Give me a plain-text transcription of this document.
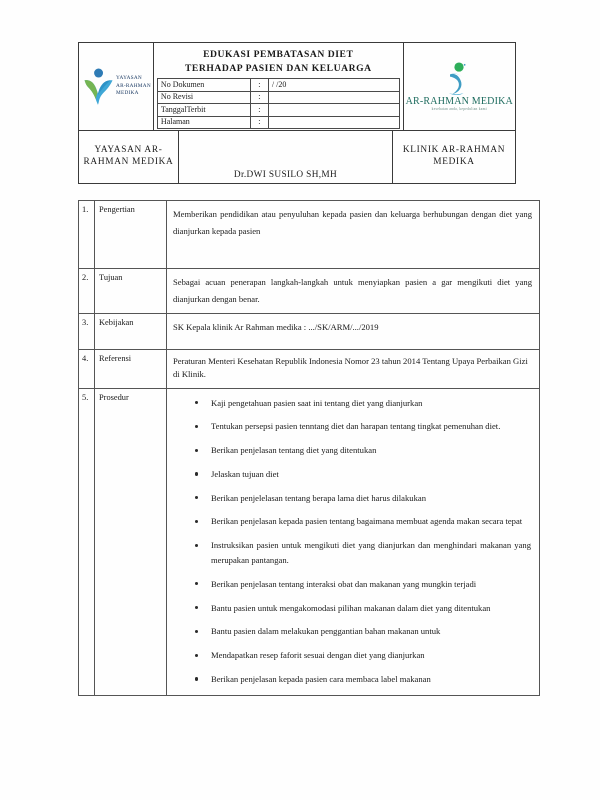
YAYASAN
AR-RAHMAN
MEDIKA
EDUKASI PEMBATASAN DIET
TERHADAP PASIEN DAN KELUARGA
No Dokumen	:	/ /20
No Revisi	:	
TanggalTerbit	:	
Halaman	:	
AR-RAHMAN MEDIKA
kesehatan anda, kepedulian kami
YAYASAN AR-RAHMAN MEDIKA
Dr.DWI SUSILO SH,MH
KLINIK AR-RAHMAN MEDIKA
1.	Pengertian	Memberikan pendidikan atau penyuluhan kepada pasien dan keluarga berhubungan dengan diet yang dianjurkan kepada pasien

2.	Tujuan	Sebagai acuan penerapan langkah-langkah untuk menyiapkan pasien a gar mengikuti diet yang dianjurkan dengan benar.

3.	Kebijakan	SK Kepala klinik Ar Rahman medika : .../SK/ARM/.../2019

4.	Referensi	Peraturan Menteri Kesehatan Republik Indonesia Nomor 23 tahun 2014 Tentang Upaya Perbaikan Gizi di Klinik.

5.	Prosedur	
Kaji pengetahuan pasien saat ini tentang diet yang dianjurkan
Tentukan persepsi pasien tenntang diet dan harapan tentang tingkat pemenuhan diet.
Berikan penjelasan tentang diet yang ditentukan
Jelaskan tujuan diet
Berikan penjelelasan tentang berapa lama diet harus dilakukan
Berikan penjelasan kepada pasien tentang bagaimana membuat agenda makan secara tepat
Instruksikan pasien untuk mengikuti diet yang dianjurkan dan menghindari makanan yang merupakan pantangan.
Berikan penjelasan tentang interaksi obat dan makanan yang mungkin terjadi
Bantu pasien untuk mengakomodasi pilihan makanan dalam diet yang ditentukan
Bantu pasien dalam melakukan penggantian bahan makanan untuk
Mendapatkan resep faforit sesuai dengan diet yang dianjurkan
Berikan penjelasan kepada pasien cara membaca label makanan
